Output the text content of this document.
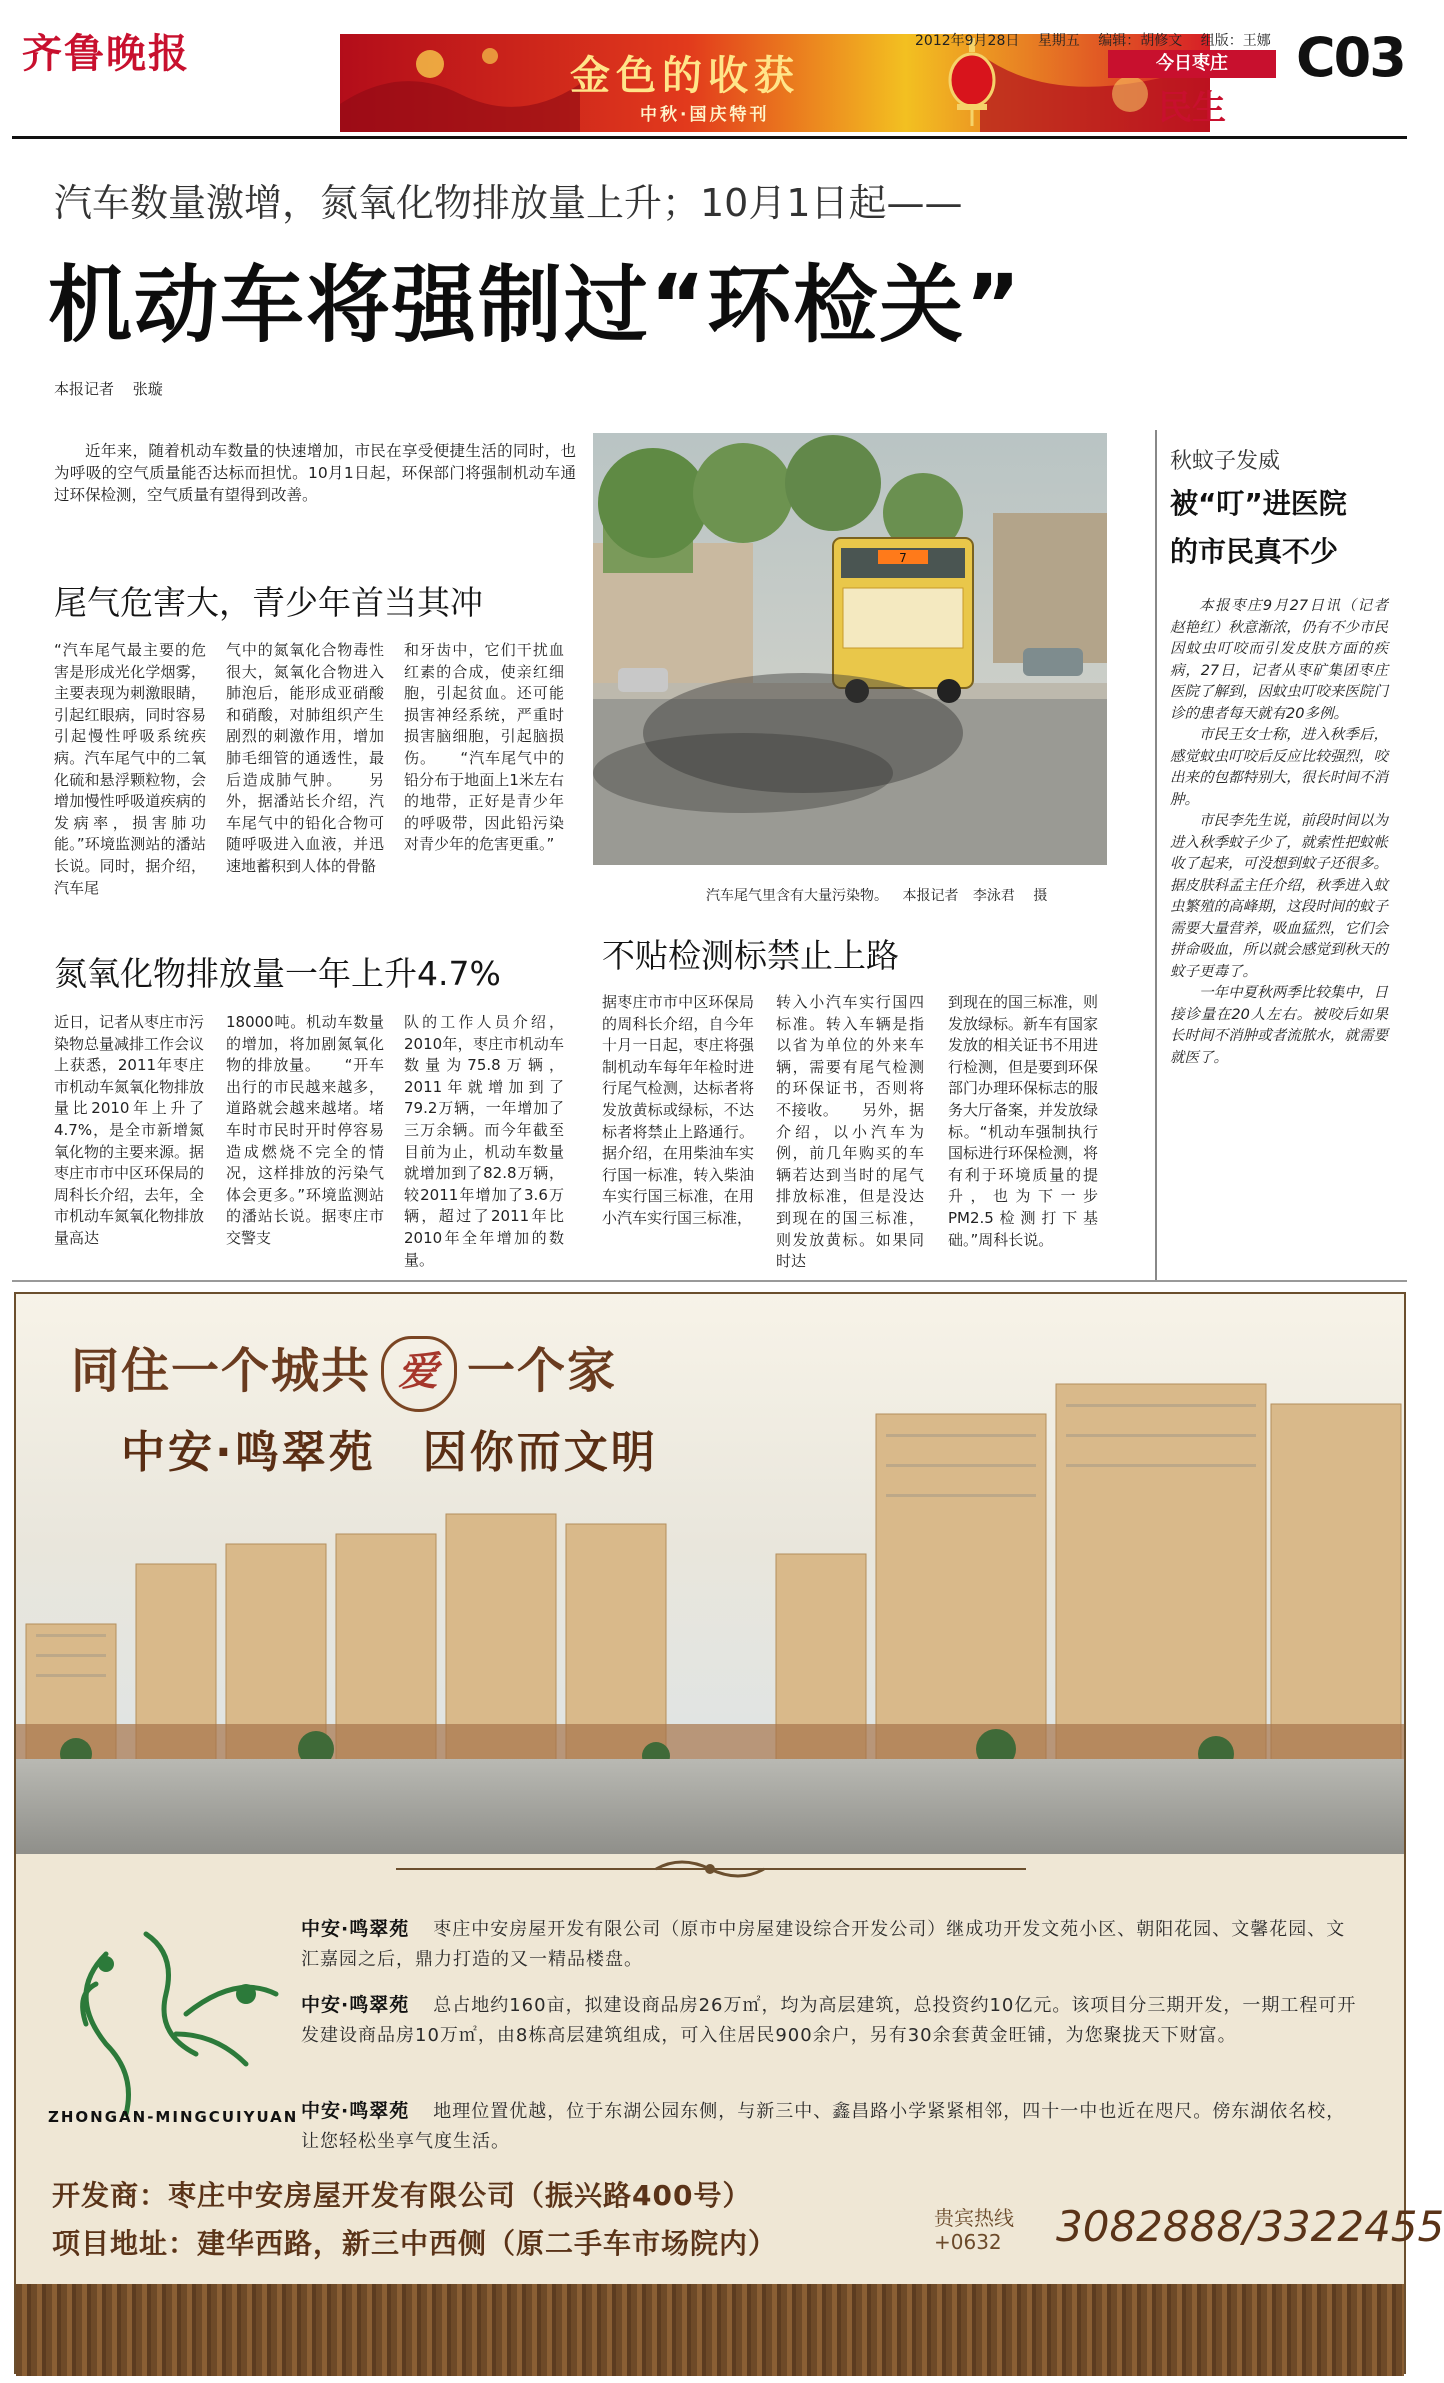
齐鲁晚报	金色的收获
中秋·国庆特刊
2012年9月28日 星期五 编辑：胡修文 组版：王娜
今日枣庄
民生
C03
汽车数量激增，氮氧化物排放量上升；10月1日起——
机动车将强制过“环检关”
本报记者 张璇

近年来，随着机动车数量的快速增加，市民在享受便捷生活的同时，也为呼吸的空气质量能否达标而担忧。10月1日起，环保部门将强制机动车通过环保检测，空气质量有望得到改善。

尾气危害大，青少年首当其冲

“汽车尾气最主要的危害是形成光化学烟雾，主要表现为刺激眼睛，引起红眼病，同时容易引起慢性呼吸系统疾病。汽车尾气中的二氧化硫和悬浮颗粒物，会增加慢性呼吸道疾病的发病率，损害肺功能。”环境监测站的潘站长说。同时，据介绍，汽车尾

气中的氮氧化合物毒性很大，氮氧化合物进入肺泡后，能形成亚硝酸和硝酸，对肺组织产生剧烈的刺激作用，增加肺毛细管的通透性，最后造成肺气肿。　　另外，据潘站长介绍，汽车尾气中的铅化合物可随呼吸进入血液，并迅速地蓄积到人体的骨骼

和牙齿中，它们干扰血红素的合成，使亲红细胞，引起贫血。还可能损害神经系统，严重时损害脑细胞，引起脑损伤。　　“汽车尾气中的铅分布于地面上1米左右的地带，正好是青少年的呼吸带，因此铅污染对青少年的危害更重。”

氮氧化物排放量一年上升4.7%

近日，记者从枣庄市污染物总量减排工作会议上获悉，2011年枣庄市机动车氮氧化物排放量比2010年上升了4.7%，是全市新增氮氧化物的主要来源。据枣庄市市中区环保局的周科长介绍，去年，全市机动车氮氧化物排放量高达

18000吨。机动车数量的增加，将加剧氮氧化物的排放量。　　“开车出行的市民越来越多，道路就会越来越堵。堵车时市民时开时停容易造成燃烧不完全的情况，这样排放的污染气体会更多。”环境监测站的潘站长说。据枣庄市交警支

队的工作人员介绍，2010年，枣庄市机动车数量为75.8万辆，2011年就增加到了79.2万辆，一年增加了三万余辆。而今年截至目前为止，机动车数量就增加到了82.8万辆，较2011年增加了3.6万辆，超过了2011年比2010年全年增加的数量。

7
汽车尾气里含有大量污染物。 本报记者 李泳君 摄
不贴检测标禁止上路

据枣庄市市中区环保局的周科长介绍，自今年十月一日起，枣庄将强制机动车每年年检时进行尾气检测，达标者将发放黄标或绿标，不达标者将禁止上路通行。据介绍，在用柴油车实行国一标准，转入柴油车实行国三标准，在用小汽车实行国三标准，

转入小汽车实行国四标准。转入车辆是指以省为单位的外来车辆，需要有尾气检测的环保证书，否则将不接收。　　另外，据介绍，以小汽车为例，前几年购买的车辆若达到当时的尾气排放标准，但是没达到现在的国三标准，则发放黄标。如果同时达

到现在的国三标准，则发放绿标。新车有国家发放的相关证书不用进行检测，但是要到环保部门办理环保标志的服务大厅备案，并发放绿标。“机动车强制执行国标进行环保检测，将有利于环境质量的提升，也为下一步PM2.5检测打下基础。”周科长说。

秋蚊子发威
被“叮”进医院
的市民真不少

本报枣庄9月27日讯（记者　赵艳红）秋意渐浓，仍有不少市民因蚊虫叮咬而引发皮肤方面的疾病，27日，记者从枣矿集团枣庄医院了解到，因蚊虫叮咬来医院门诊的患者每天就有20多例。

市民王女士称，进入秋季后，感觉蚊虫叮咬后反应比较强烈，咬出来的包都特别大，很长时间不消肿。

市民李先生说，前段时间以为进入秋季蚊子少了，就索性把蚊帐收了起来，可没想到蚊子还很多。据皮肤科孟主任介绍，秋季进入蚊虫繁殖的高峰期，这段时间的蚊子需要大量营养，吸血猛烈，它们会拼命吸血，所以就会感觉到秋天的蚊子更毒了。

一年中夏秋两季比较集中，日接诊量在20人左右。被咬后如果长时间不消肿或者流脓水，就需要就医了。

同住一个城共 爱 一个家
中安·鸣翠苑　因你而文明
ZHONGAN-MINGCUIYUAN
中安·鸣翠苑 枣庄中安房屋开发有限公司（原市中房屋建设综合开发公司）继成功开发文苑小区、朝阳花园、文馨花园、文汇嘉园之后，鼎力打造的又一精品楼盘。
中安·鸣翠苑 总占地约160亩，拟建设商品房26万㎡，均为高层建筑，总投资约10亿元。该项目分三期开发，一期工程可开发建设商品房10万㎡，由8栋高层建筑组成，可入住居民900余户，另有30余套黄金旺铺，为您聚拢天下财富。
中安·鸣翠苑 地理位置优越，位于东湖公园东侧，与新三中、鑫昌路小学紧紧相邻，四十一中也近在咫尺。傍东湖依名校，让您轻松坐享气度生活。
开发商：枣庄中安房屋开发有限公司（振兴路400号）
项目地址：建华西路，新三中西侧（原二手车市场院内）
贵宾热线
+0632 3082888/3322455
